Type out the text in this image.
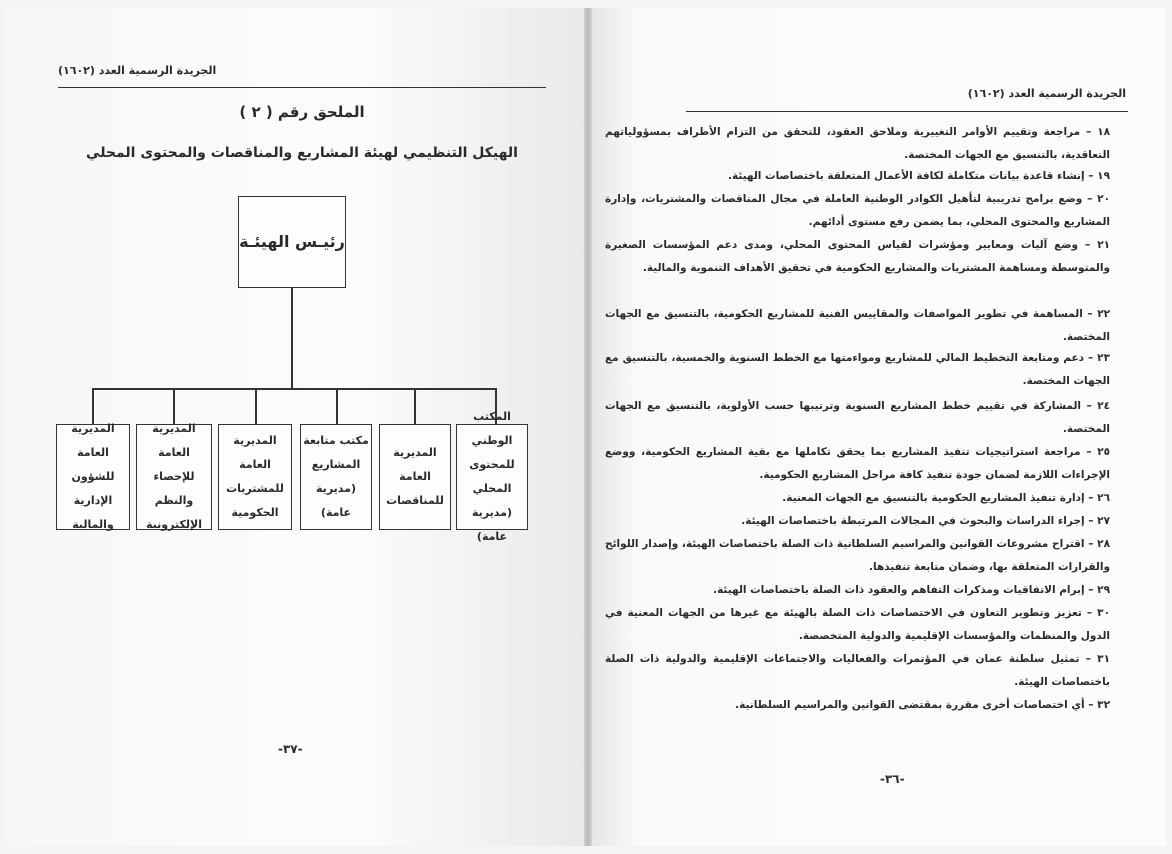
الجريدة الرسمية العدد (١٦٠٢)
الملحق رقم ( ٢ )
الهيكل التنظيمي لهيئة المشاريع والمناقصات والمحتوى المحلي
رئيـس الهيئـة
المكتب الوطني
للمحتوى المحلي
(مديرية عامة)
المديرية العامة
للمناقصات
مكتب متابعة
المشاريع
(مديرية عامة)
المديرية العامة
للمشتريات
الحكومية
المديرية العامة
للإحصاء
والنظم الإلكترونية
المديرية العامة
للشؤون
الإدارية والمالية
-٣٧-
الجريدة الرسمية العدد (١٦٠٢)
١٨ – مراجعة وتقييم الأوامر التغييرية وملاحق العقود، للتحقق من التزام الأطراف بمسؤولياتهم التعاقدية، بالتنسيق مع الجهات المختصة.
١٩ – إنشاء قاعدة بيانات متكاملة لكافة الأعمال المتعلقة باختصاصات الهيئة.
٢٠ – وضع برامج تدريبية لتأهيل الكوادر الوطنية العاملة في مجال المناقصات والمشتريات، وإدارة المشاريع والمحتوى المحلي، بما يضمن رفع مستوى أدائهم.
٢١ – وضع آليات ومعايير ومؤشرات لقياس المحتوى المحلي، ومدى دعم المؤسسات الصغيرة والمتوسطة ومساهمة المشتريات والمشاريع الحكومية في تحقيق الأهداف التنموية والمالية.
٢٢ – المساهمة في تطوير المواصفات والمقاييس الفنية للمشاريع الحكومية، بالتنسيق مع الجهات المختصة.
٢٣ – دعم ومتابعة التخطيط المالي للمشاريع ومواءمتها مع الخطط السنوية والخمسية، بالتنسيق مع الجهات المختصة.
٢٤ – المشاركة في تقييم خطط المشاريع السنوية وترتيبها حسب الأولوية، بالتنسيق مع الجهات المختصة.
٢٥ – مراجعة استراتيجيات تنفيذ المشاريع بما يحقق تكاملها مع بقية المشاريع الحكومية، ووضع الإجراءات اللازمة لضمان جودة تنفيذ كافة مراحل المشاريع الحكومية.
٢٦ – إدارة تنفيذ المشاريع الحكومية بالتنسيق مع الجهات المعنية.
٢٧ – إجراء الدراسات والبحوث في المجالات المرتبطة باختصاصات الهيئة.
٢٨ – اقتراح مشروعات القوانين والمراسيم السلطانية ذات الصلة باختصاصات الهيئة، وإصدار اللوائح والقرارات المتعلقة بها، وضمان متابعة تنفيذها.
٢٩ – إبرام الاتفاقيات ومذكرات التفاهم والعقود ذات الصلة باختصاصات الهيئة.
٣٠ – تعزيز وتطوير التعاون في الاختصاصات ذات الصلة بالهيئة مع غيرها من الجهات المعنية في الدول والمنظمات والمؤسسات الإقليمية والدولية المتخصصة.
٣١ – تمثيل سلطنة عمان في المؤتمرات والفعاليات والاجتماعات الإقليمية والدولية ذات الصلة باختصاصات الهيئة.
٣٢ – أي اختصاصات أخرى مقررة بمقتضى القوانين والمراسيم السلطانية.
-٣٦-
